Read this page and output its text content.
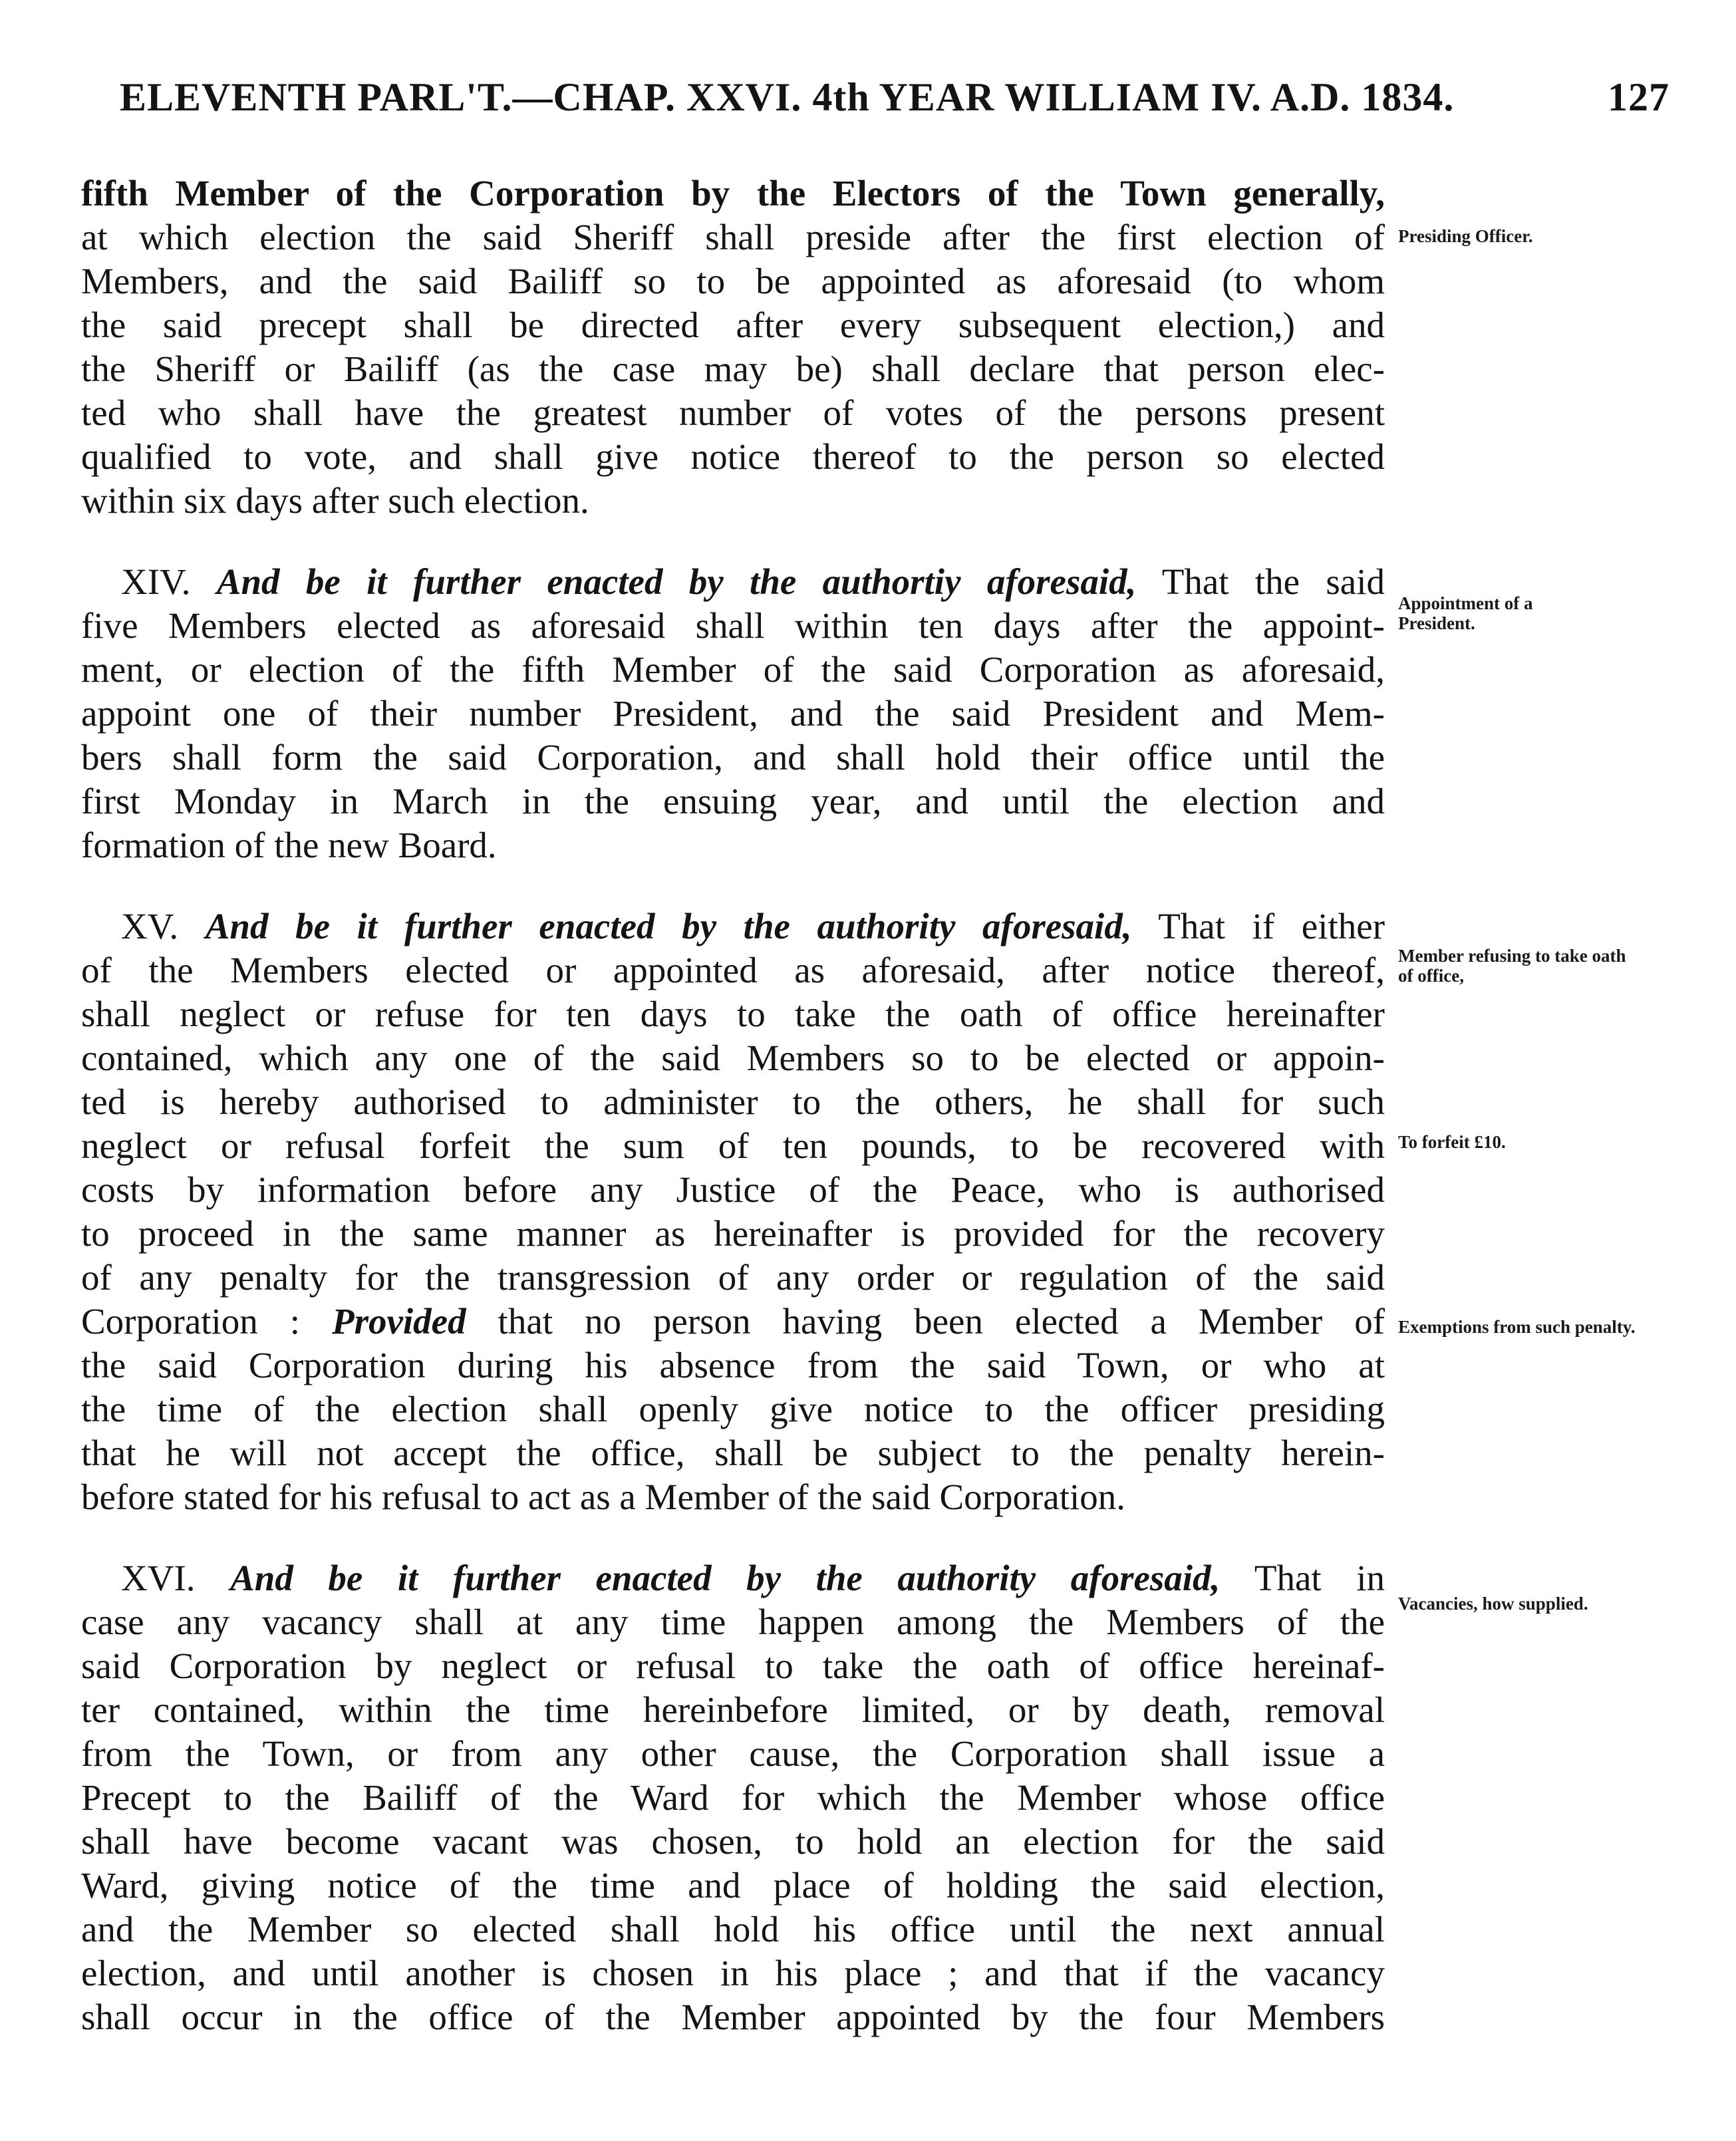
ELEVENTH PARL'T.—CHAP. XXVI. 4th YEAR WILLIAM IV. A.D. 1834.	127
fifth Member of the Corporation by the Electors of the Town generally,
at which election the said Sheriff shall preside after the first election of
Members, and the said Bailiff so to be appointed as aforesaid (to whom
the said precept shall be directed after every subsequent election,) and
the Sheriff or Bailiff (as the case may be) shall declare that person elec-
ted who shall have the greatest number of votes of the persons present
qualified to vote, and shall give notice thereof to the person so elected
within six days after such election.
XIV. And be it further enacted by the authortiy aforesaid, That the said
five Members elected as aforesaid shall within ten days after the appoint-
ment, or election of the fifth Member of the said Corporation as aforesaid,
appoint one of their number President, and the said President and Mem-
bers shall form the said Corporation, and shall hold their office until the
first Monday in March in the ensuing year, and until the election and
formation of the new Board.
XV. And be it further enacted by the authority aforesaid, That if either
of the Members elected or appointed as aforesaid, after notice thereof,
shall neglect or refuse for ten days to take the oath of office hereinafter
contained, which any one of the said Members so to be elected or appoin-
ted is hereby authorised to administer to the others, he shall for such
neglect or refusal forfeit the sum of ten pounds, to be recovered with
costs by information before any Justice of the Peace, who is authorised
to proceed in the same manner as hereinafter is provided for the recovery
of any penalty for the transgression of any order or regulation of the said
Corporation : Provided that no person having been elected a Member of
the said Corporation during his absence from the said Town, or who at
the time of the election shall openly give notice to the officer presiding
that he will not accept the office, shall be subject to the penalty herein-
before stated for his refusal to act as a Member of the said Corporation.
XVI. And be it further enacted by the authority aforesaid, That in
case any vacancy shall at any time happen among the Members of the
said Corporation by neglect or refusal to take the oath of office hereinaf-
ter contained, within the time hereinbefore limited, or by death, removal
from the Town, or from any other cause, the Corporation shall issue a
Precept to the Bailiff of the Ward for which the Member whose office
shall have become vacant was chosen, to hold an election for the said
Ward, giving notice of the time and place of holding the said election,
and the Member so elected shall hold his office until the next annual
election, and until another is chosen in his place ; and that if the vacancy
shall occur in the office of the Member appointed by the four Members
Presiding Officer.
Appointment of a President.
Member refusing to take oath of office,
To forfeit £10.
Exemptions from such penalty.
Vacancies, how supplied.
